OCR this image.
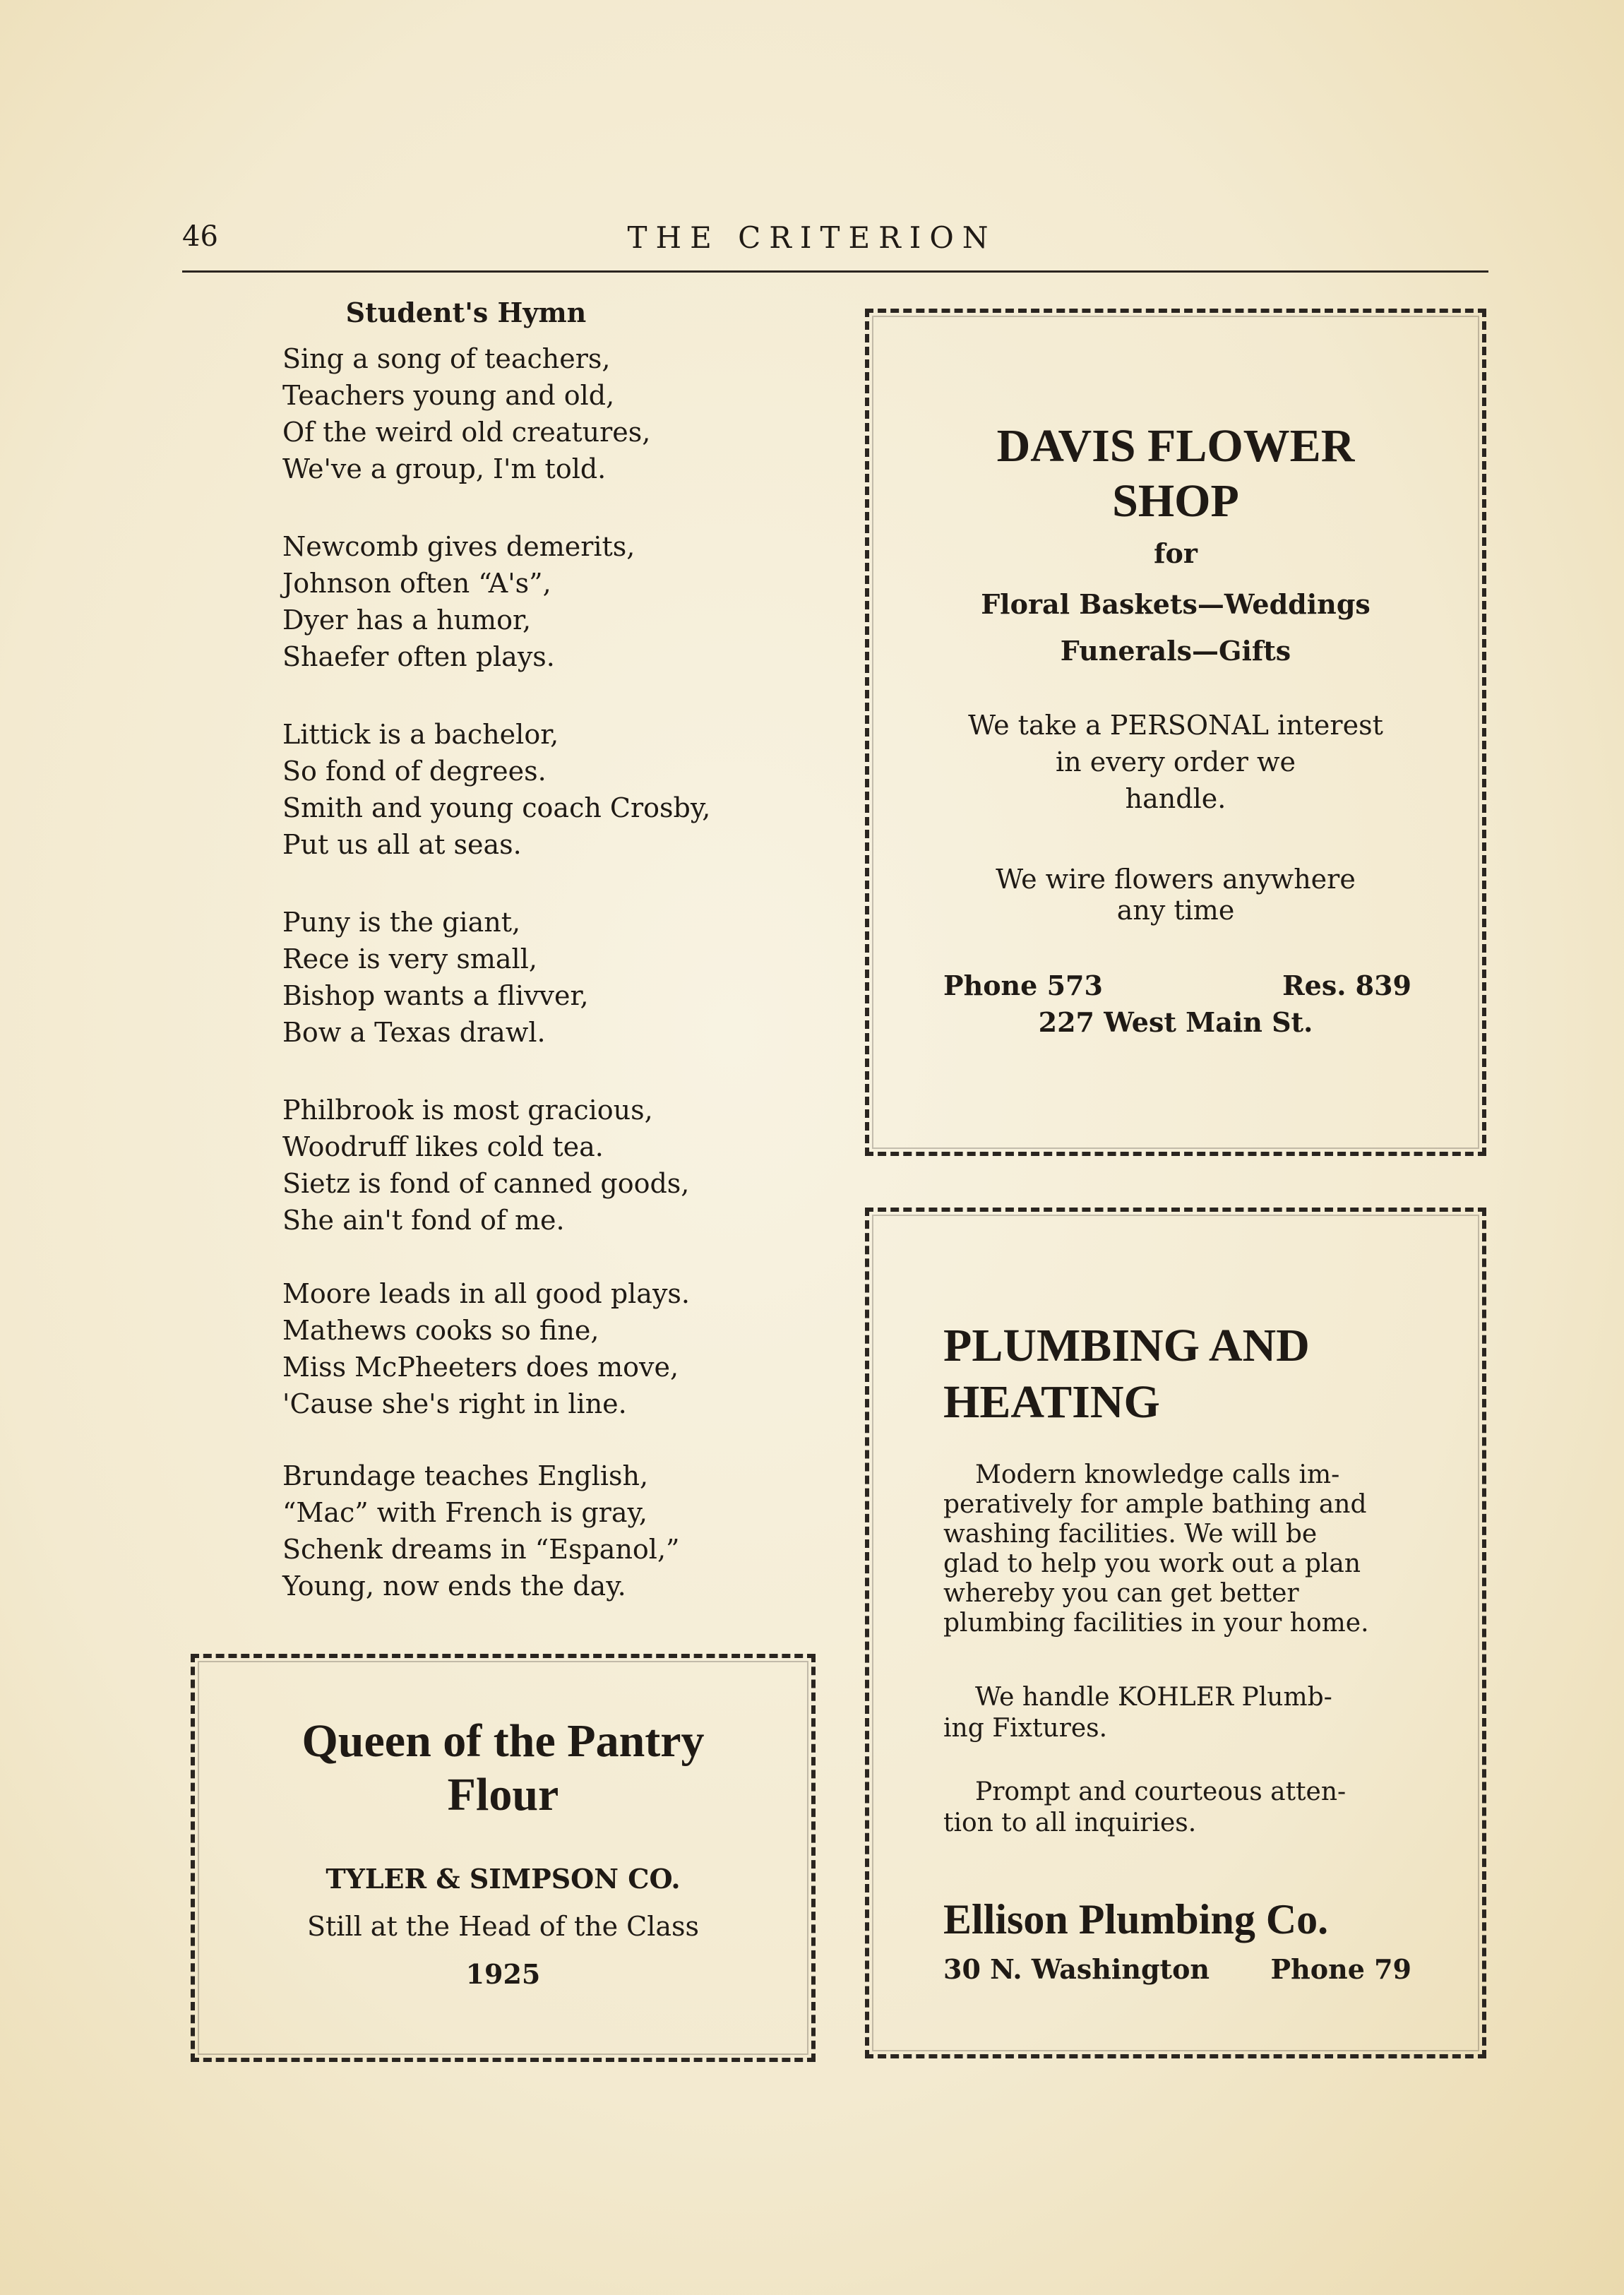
46	THE CRITERION
Student's Hymn
Sing a song of teachers,
Teachers young and old,
Of the weird old creatures,
We've a group, I'm told.
Newcomb gives demerits,
Johnson often “A's”,
Dyer has a humor,
Shaefer often plays.
Littick is a bachelor,
So fond of degrees.
Smith and young coach Crosby,
Put us all at seas.
Puny is the giant,
Rece is very small,
Bishop wants a flivver,
Bow a Texas drawl.
Philbrook is most gracious,
Woodruff likes cold tea.
Sietz is fond of canned goods,
She ain't fond of me.
Moore leads in all good plays.
Mathews cooks so fine,
Miss McPheeters does move,
'Cause she's right in line.
Brundage teaches English,
“Mac” with French is gray,
Schenk dreams in “Espanol,”
Young, now ends the day.
DAVIS FLOWER
SHOP
for
Floral Baskets—Weddings
Funerals—Gifts
We take a PERSONAL interest
in every order we
handle.
We wire flowers anywhere
any time
Phone 573	Res. 839
227 West Main St.
PLUMBING AND
HEATING
Modern knowledge calls im-
peratively for ample bathing and
washing facilities. We will be
glad to help you work out a plan
whereby you can get better
plumbing facilities in your home.
We handle KOHLER Plumb-
ing Fixtures.
Prompt and courteous atten-
tion to all inquiries.
Ellison Plumbing Co.
30 N. Washington Phone 79
Queen of the Pantry
Flour
TYLER & SIMPSON CO.
Still at the Head of the Class
1925
